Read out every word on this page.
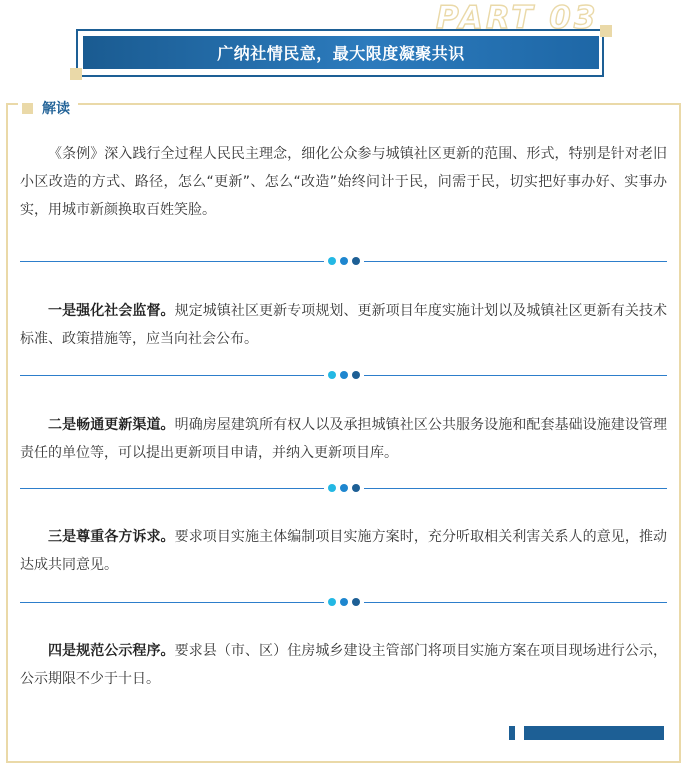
PART 03
广纳社情民意，最大限度凝聚共识
解读

《条例》深入践行全过程人民民主理念，细化公众参与城镇社区更新的范围、形式，特别是针对老旧小区改造的方式、路径，怎么“更新”、怎么“改造”始终问计于民，问需于民，切实把好事办好、实事办实，用城市新颜换取百姓笑脸。

一是强化社会监督。规定城镇社区更新专项规划、更新项目年度实施计划以及城镇社区更新有关技术标准、政策措施等，应当向社会公布。

二是畅通更新渠道。明确房屋建筑所有权人以及承担城镇社区公共服务设施和配套基础设施建设管理责任的单位等，可以提出更新项目申请，并纳入更新项目库。

三是尊重各方诉求。要求项目实施主体编制项目实施方案时，充分听取相关利害关系人的意见，推动达成共同意见。

四是规范公示程序。要求县（市、区）住房城乡建设主管部门将项目实施方案在项目现场进行公示，公示期限不少于十日。
